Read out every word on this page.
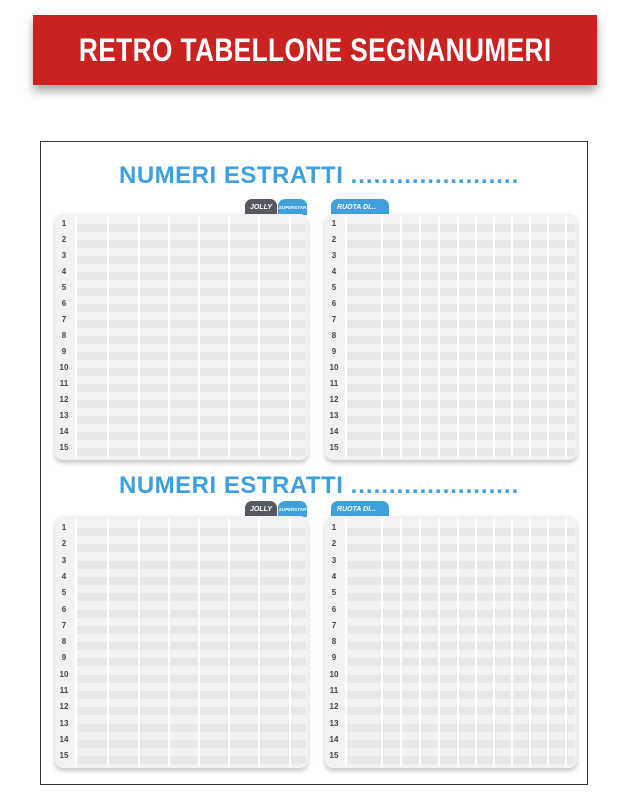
RETRO TABELLONE SEGNANUMERI
NUMERI ESTRATTI ......................
JOLLY	SUPERSTAR	RUOTA DI...
1
2
3
4
5
6
7
8
9
10
11
12
13
14
15
1
2
3
4
5
6
7
8
9
10
11
12
13
14
15
NUMERI ESTRATTI ......................
JOLLY	SUPERSTAR	RUOTA DI...
1
2
3
4
5
6
7
8
9
10
11
12
13
14
15
1
2
3
4
5
6
7
8
9
10
11
12
13
14
15
